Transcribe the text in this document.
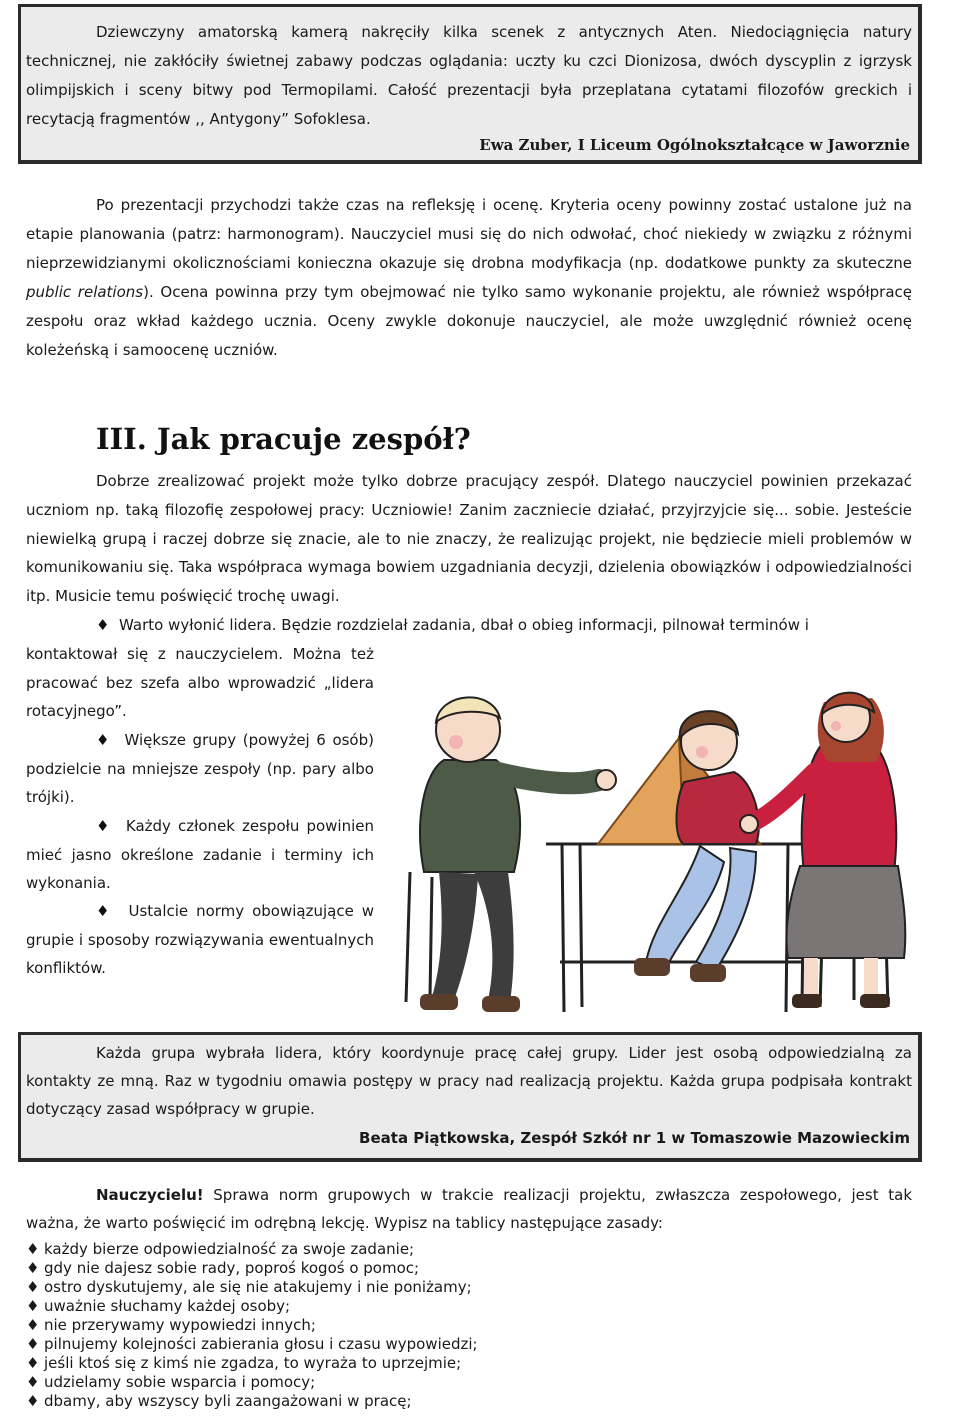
Dziewczyny amatorską kamerą nakręciły kilka scenek z antycznych Aten. Niedociągnięcia natury technicznej, nie zakłóciły świetnej zabawy podczas oglądania: uczty ku czci Dionizosa, dwóch dyscyplin z igrzysk olimpijskich i sceny bitwy pod Termopilami. Całość prezentacji była przeplatana cytatami filozofów greckich i recytacją fragmentów ,, Antygony” Sofoklesa.

Ewa Zuber, I Liceum Ogólnokształcące w Jaworznie

Po prezentacji przychodzi także czas na refleksję i ocenę. Kryteria oceny powinny zostać ustalone już na etapie planowania (patrz: harmonogram). Nauczyciel musi się do nich odwołać, choć niekiedy w związku z różnymi nieprzewidzianymi okolicznościami konieczna okazuje się drobna modyfikacja (np. dodatkowe punkty za skuteczne public relations). Ocena powinna przy tym obejmować nie tylko samo wykonanie projektu, ale również współpracę zespołu oraz wkład każdego ucznia. Oceny zwykle dokonuje nauczyciel, ale może uwzględnić również ocenę koleżeńską i samoocenę uczniów.

III. Jak pracuje zespół?

Dobrze zrealizować projekt może tylko dobrze pracujący zespół. Dlatego nauczyciel powinien przekazać uczniom np. taką filozofię zespołowej pracy: Uczniowie! Zanim zaczniecie działać, przyjrzyjcie się... sobie. Jesteście niewielką grupą i raczej dobrze się znacie, ale to nie znaczy, że realizując projekt, nie będziecie mieli problemów w komunikowaniu się. Taka współpraca wymaga bowiem uzgadniania decyzji, dzielenia obowiązków i odpowiedzialności itp. Musicie temu poświęcić trochę uwagi.

♦ Warto wyłonić lidera. Będzie rozdzielał zadania, dbał o obieg informacji, pilnował terminów i

kontaktował się z nauczycielem. Można też pracować bez szefa albo wprowadzić „lidera rotacyjnego”.

♦ Większe grupy (powyżej 6 osób) podzielcie na mniejsze zespoły (np. pary albo trójki).

♦ Każdy członek zespołu powinien mieć jasno określone zadanie i terminy ich wykonania.

♦ Ustalcie normy obowiązujące w grupie i sposoby rozwiązywania ewentualnych konfliktów.

Każda grupa wybrała lidera, który koordynuje pracę całej grupy. Lider jest osobą odpowiedzialną za kontakty ze mną. Raz w tygodniu omawia postępy w pracy nad realizacją projektu. Każda grupa podpisała kontrakt dotyczący zasad współpracy w grupie.

Beata Piątkowska, Zespół Szkół nr 1 w Tomaszowie Mazowieckim

Nauczycielu! Sprawa norm grupowych w trakcie realizacji projektu, zwłaszcza zespołowego, jest tak ważna, że warto poświęcić im odrębną lekcję. Wypisz na tablicy następujące zasady:

♦ każdy bierze odpowiedzialność za swoje zadanie;
♦ gdy nie dajesz sobie rady, poproś kogoś o pomoc;
♦ ostro dyskutujemy, ale się nie atakujemy i nie poniżamy;
♦ uważnie słuchamy każdej osoby;
♦ nie przerywamy wypowiedzi innych;
♦ pilnujemy kolejności zabierania głosu i czasu wypowiedzi;
♦ jeśli ktoś się z kimś nie zgadza, to wyraża to uprzejmie;
♦ udzielamy sobie wsparcia i pomocy;
♦ dbamy, aby wszyscy byli zaangażowani w pracę;
